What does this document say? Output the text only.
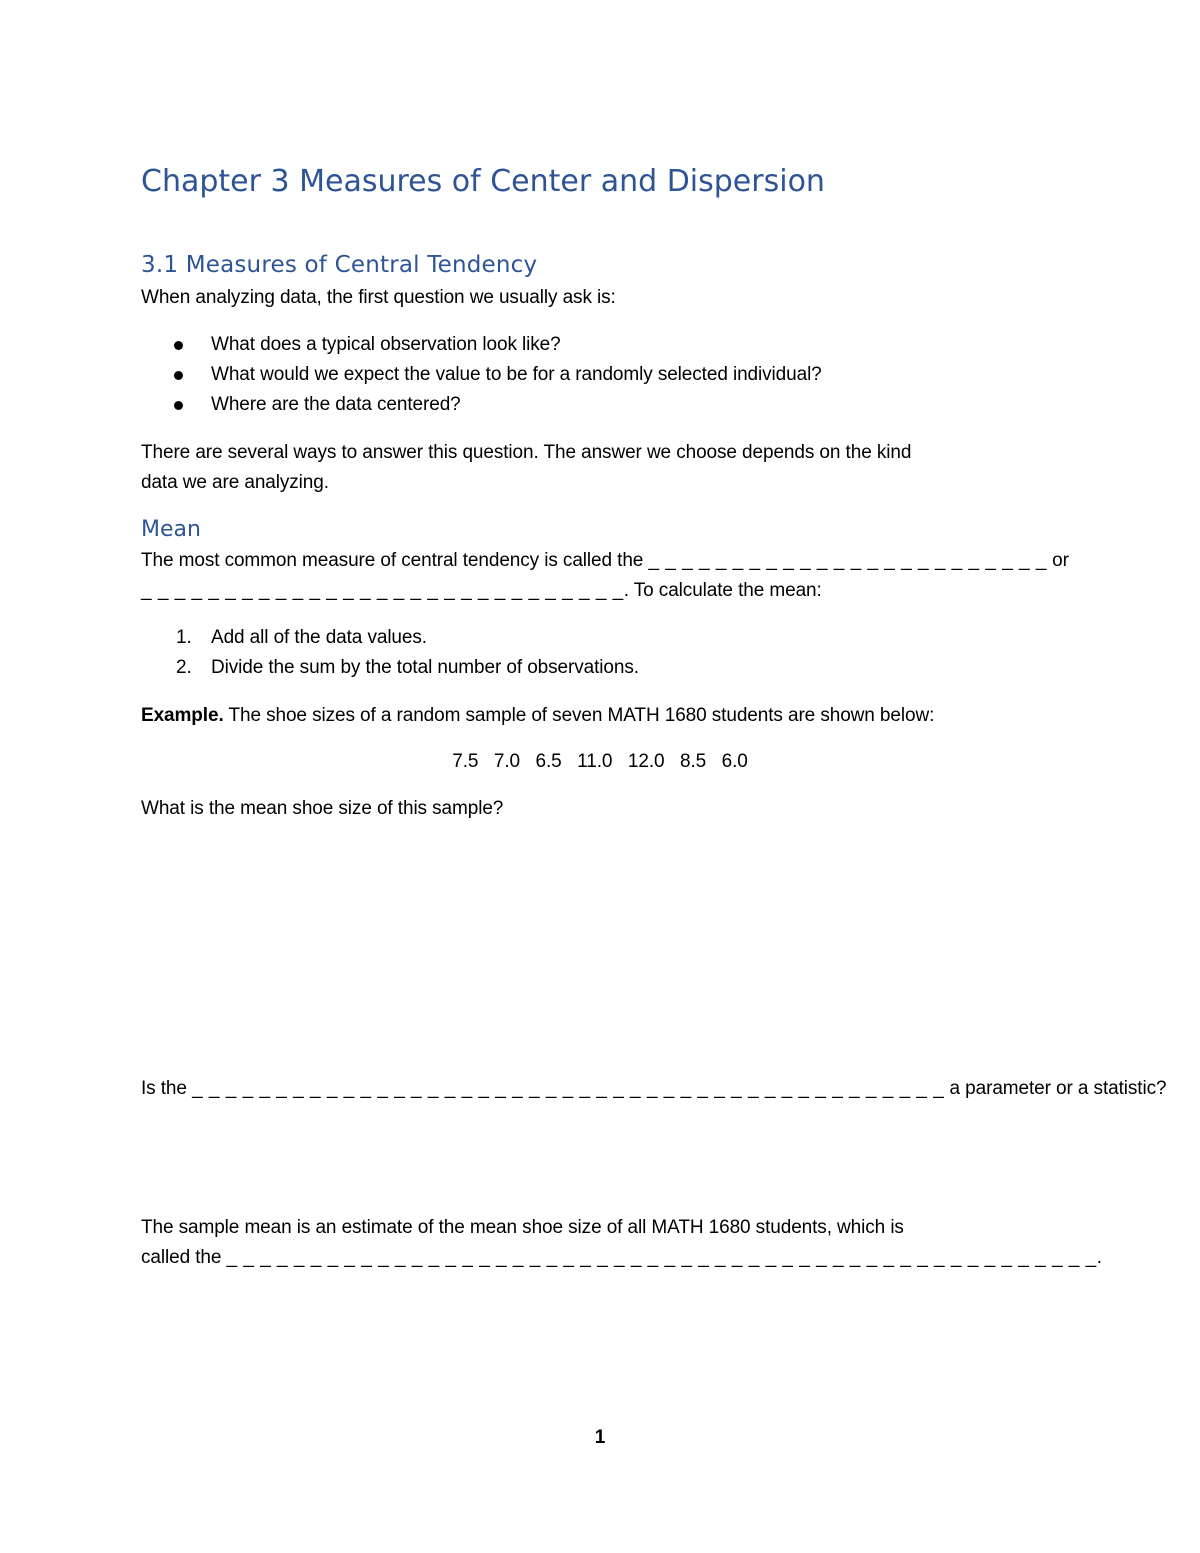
Chapter 3 Measures of Center and Dispersion
3.1 Measures of Central Tendency
When analyzing data, the first question we usually ask is:
What does a typical observation look like?
What would we expect the value to be for a randomly selected individual?
Where are the data centered?
There are several ways to answer this question. The answer we choose depends on the kind
data we are analyzing.
Mean
The most common measure of central tendency is called the _ _ _ _ _ _ _ _ _ _ _ _ _ _ _ _ _ _ _ _ _ _ _ _ or
_ _ _ _ _ _ _ _ _ _ _ _ _ _ _ _ _ _ _ _ _ _ _ _ _ _ _ _ _. To calculate the mean:
1. Add all of the data values.
2. Divide the sum by the total number of observations.
Example. The shoe sizes of a random sample of seven MATH 1680 students are shown below:
7.5   7.0   6.5   11.0   12.0   8.5   6.0
What is the mean shoe size of this sample?
Is the _ _ _ _ _ _ _ _ _ _ _ _ _ _ _ _ _ _ _ _ _ _ _ _ _ _ _ _ _ _ _ _ _ _ _ _ _ _ _ _ _ _ _ _ _ a parameter or a statistic?
The sample mean is an estimate of the mean shoe size of all MATH 1680 students, which is
called the _ _ _ _ _ _ _ _ _ _ _ _ _ _ _ _ _ _ _ _ _ _ _ _ _ _ _ _ _ _ _ _ _ _ _ _ _ _ _ _ _ _ _ _ _ _ _ _ _ _ _ _.
1
